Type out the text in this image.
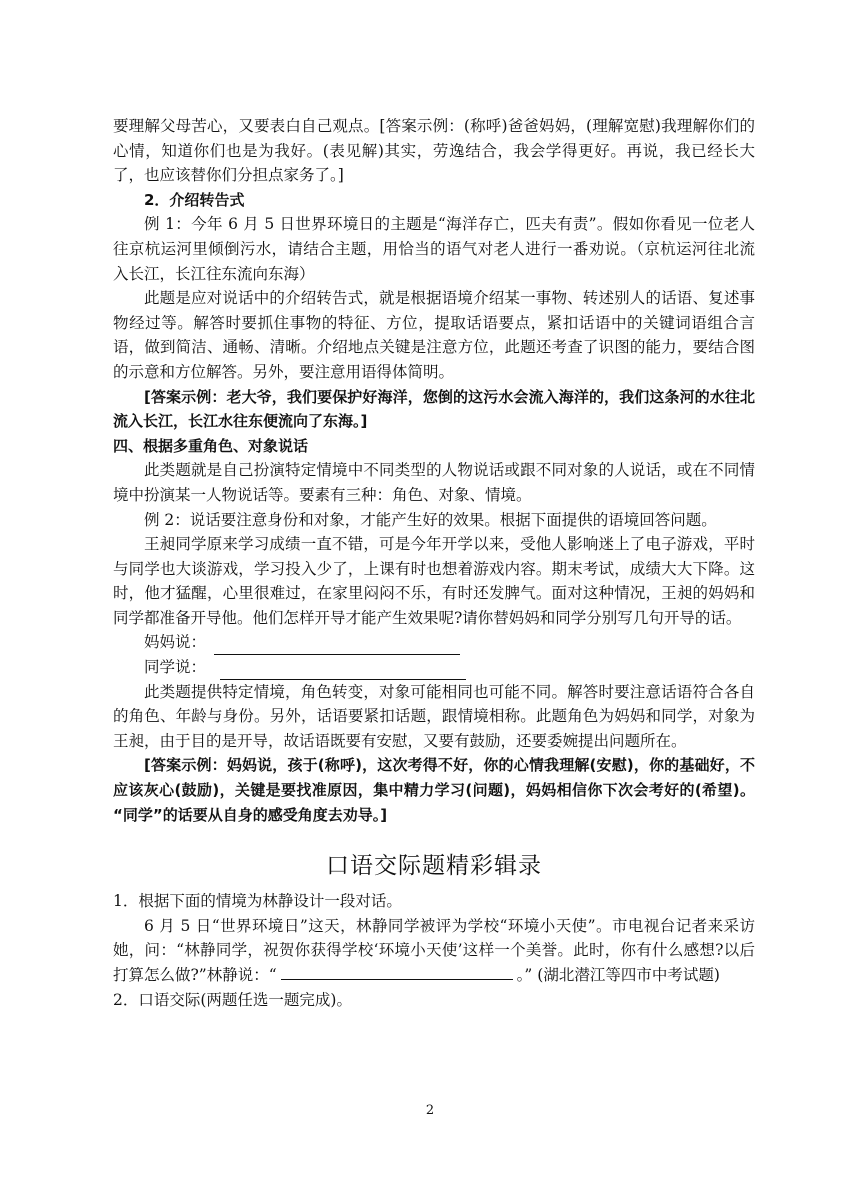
要理解父母苦心，又要表白自己观点。[答案示例：(称呼)爸爸妈妈，(理解宽慰)我理解你们的心情，知道你们也是为我好。(表见解)其实，劳逸结合，我会学得更好。再说，我已经长大了，也应该替你们分担点家务了。]

2．介绍转告式

例 1：今年 6 月 5 日世界环境日的主题是“海洋存亡，匹夫有责”。假如你看见一位老人往京杭运河里倾倒污水，请结合主题，用恰当的语气对老人进行一番劝说。（京杭运河往北流入长江，长江往东流向东海）

此题是应对说话中的介绍转告式，就是根据语境介绍某一事物、转述别人的话语、复述事物经过等。解答时要抓住事物的特征、方位，提取话语要点，紧扣话语中的关键词语组合言语，做到简洁、通畅、清晰。介绍地点关键是注意方位，此题还考查了识图的能力，要结合图的示意和方位解答。另外，要注意用语得体简明。

[答案示例：老大爷，我们要保护好海洋，您倒的这污水会流入海洋的，我们这条河的水往北流入长江，长江水往东便流向了东海。]

四、根据多重角色、对象说话

此类题就是自己扮演特定情境中不同类型的人物说话或跟不同对象的人说话，或在不同情境中扮演某一人物说话等。要素有三种：角色、对象、情境。

例 2：说话要注意身份和对象，才能产生好的效果。根据下面提供的语境回答问题。

王昶同学原来学习成绩一直不错，可是今年开学以来，受他人影响迷上了电子游戏，平时与同学也大谈游戏，学习投入少了，上课有时也想着游戏内容。期末考试，成绩大大下降。这时，他才猛醒，心里很难过，在家里闷闷不乐，有时还发脾气。面对这种情况，王昶的妈妈和同学都准备开导他。他们怎样开导才能产生效果呢?请你替妈妈和同学分别写几句开导的话。

妈妈说：
同学说：

此类题提供特定情境，角色转变，对象可能相同也可能不同。解答时要注意话语符合各自的角色、年龄与身份。另外，话语要紧扣话题，跟情境相称。此题角色为妈妈和同学，对象为王昶，由于目的是开导，故话语既要有安慰，又要有鼓励，还要委婉提出问题所在。

[答案示例：妈妈说，孩于(称呼)，这次考得不好，你的心情我理解(安慰)，你的基础好，不应该灰心(鼓励)，关键是要找准原因，集中精力学习(问题)，妈妈相信你下次会考好的(希望)。 “同学”的话要从自身的感受角度去劝导。]

口语交际题精彩辑录

1．根据下面的情境为林静设计一段对话。

6 月 5 日“世界环境日”这天，林静同学被评为学校“环境小天使”。市电视台记者来采访她，问：“林静同学，祝贺你获得学校‘环境小天使’这样一个美誉。此时，你有什么感想?以后打算怎么做?”林静说：“	。” (湖北潜江等四市中考试题)

2．口语交际(两题任选一题完成)。

2
